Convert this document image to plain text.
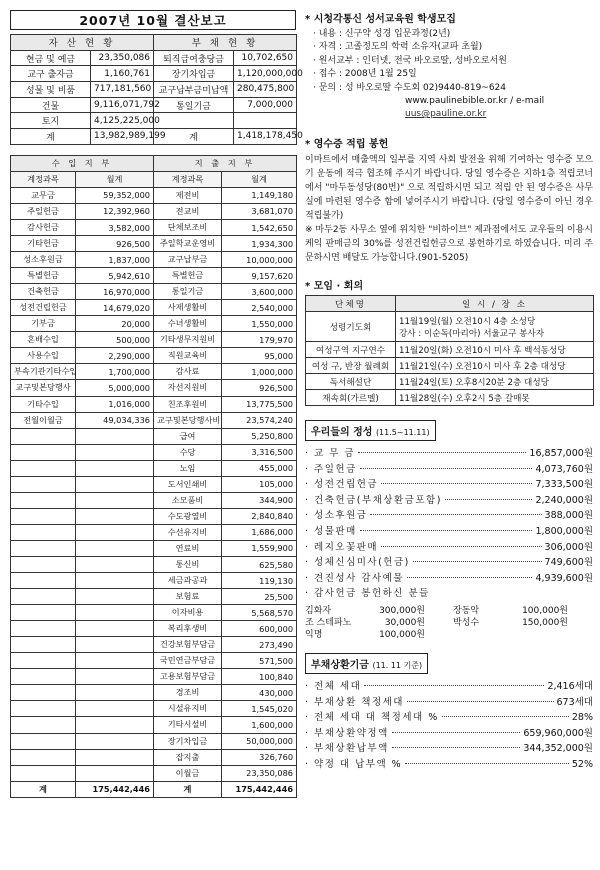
2007년 10월 결산보고
자 산 현 황		부 채 현 황	
현금 및 예금	23,350,086	퇴직급여충당금	10,702,650
교구 출자금	1,160,761	장기차입금	1,120,000,000
성물 및 비품	717,181,560	교구납부금미납액	280,475,800
건물	9,116,071,792	통일기금	7,000,000
토지	4,125,225,000		
계	13,982,989,199	계	1,418,178,450
수 입 지 부		지 출 지 부	
계정과목	월계	계정과목	월계
교무금	59,352,000	제전비	1,149,180
주일헌금	12,392,960	전교비	3,681,070
감사헌금	3,582,000	단체보조비	1,542,650
기타헌금	926,500	주일학교운영비	1,934,300
성소후원금	1,837,000	교구납부금	10,000,000
특별헌금	5,942,610	특별헌금	9,157,620
건축헌금	16,970,000	통일기금	3,600,000
성전건립헌금	14,679,020	사제생활비	2,540,000
기부금	20,000	수녀생활비	1,550,000
혼배수입	500,000	기타생무지원비	179,970
사용수입	2,290,000	직원교육비	95,000
부속기관기타수입	1,700,000	감사료	1,000,000
교구및본당행사	5,000,000	자선지원비	926,500
기타수입	1,016,000	친조후원비	13,775,500
전월이월금	49,034,336	교구및본당행사비	23,574,240
		급여	5,250,800
		수당	3,316,500
		노임	455,000
		도서인쇄비	105,000
		소모품비	344,900
		수도광열비	2,840,840
		수선유지비	1,686,000
		연료비	1,559,900
		통신비	625,580
		세금과공과	119,130
		보험료	25,500
		이자비용	5,568,570
		복리후생비	600,000
		건강보험부담금	273,490
		국민연금부담금	571,500
		고용보험부담금	100,840
		경조비	430,000
		시설유지비	1,545,020
		기타시설비	1,600,000
		장기차입금	50,000,000
		잡지출	326,760
		이월금	23,350,086
계	175,442,446	계	175,442,446
* 시청각통신 성서교육원 학생모집
· 내용 : 신구약 성경 입문과정(2년)
· 자격 : 고졸정도의 학력 소유자(교파 초월)
· 원서교부 : 인터넷, 전국 바오로딸, 성바오로서원
· 접수 : 2008년 1월 25일
· 문의 : 성 바오로딸 수도회 02)9440-819~624
www.paulinebible.or.kr / e-mail uus@pauline.or.kr
* 영수증 적립 봉헌

이마트에서 매출액의 일부를 지역 사회 발전을 위해 기여하는 영수증 모으기 운동에 적극 협조해 주시기 바랍니다. 당일 영수증은 지하1층 적립코너에서 "마두동성당(80번)" 으로 적립하시면 되고 적립 안 된 영수증은 사무실에 마련된 영수증 함에 넣어주시기 바랍니다. (당일 영수증이 아닌 경우 적립불가)

※ 마두2동 사무소 옆에 위치한 "비하이브" 제과점에서도 교우들의 이용시 케익 판매금의 30%를 성전건립헌금으로 봉헌하기로 하였습니다. 미리 주문하시면 배달도 가능합니다.(901-5205)

* 모임 · 회의
단체명	일 시 / 장 소
성령기도회	11월19일(월) 오전10시 4층 소성당
강사 : 이순독(마리아) 서울교구 봉사자

여성구역 지구연수	11월20일(화) 오전10시 미사 후 백석동성당

여성 구, 반장 월례회	11월21일(수) 오전10시 미사 후 2층 대성당

독서해설단	11월24일(토) 오후8시20분 2층 대성당

재속회(가르멜)	11월28일(수) 오후2시 5층 갈매못
우리들의 정성 (11.5~11.11)
· 교 무 금	16,857,000원
· 주일헌금	4,073,760원
· 성전건립헌금	7,333,500원
· 건축헌금(부채상환금포함)	2,240,000원
· 성소후원금	388,000원
· 성물판매	1,800,000원
· 레지오꽃판매	306,000원
· 성체신심미사(헌금)	749,600원
· 견진성사 감사예물	4,939,600원
· 감사헌금 봉헌하신 분들
김화자	300,000원	장동악	100,000원
조 스테파노	30,000원	박성수	150,000원
익명	100,000원
부채상환기금 (11. 11 기준)
· 전체 세대	2,416세대
· 부채상환 책정세대	673세대
· 전체 세대 대 책정세대 %	28%
· 부채상환약정액	659,960,000원
· 부채상환납부액	344,352,000원
· 약정 대 납부액 %	52%
